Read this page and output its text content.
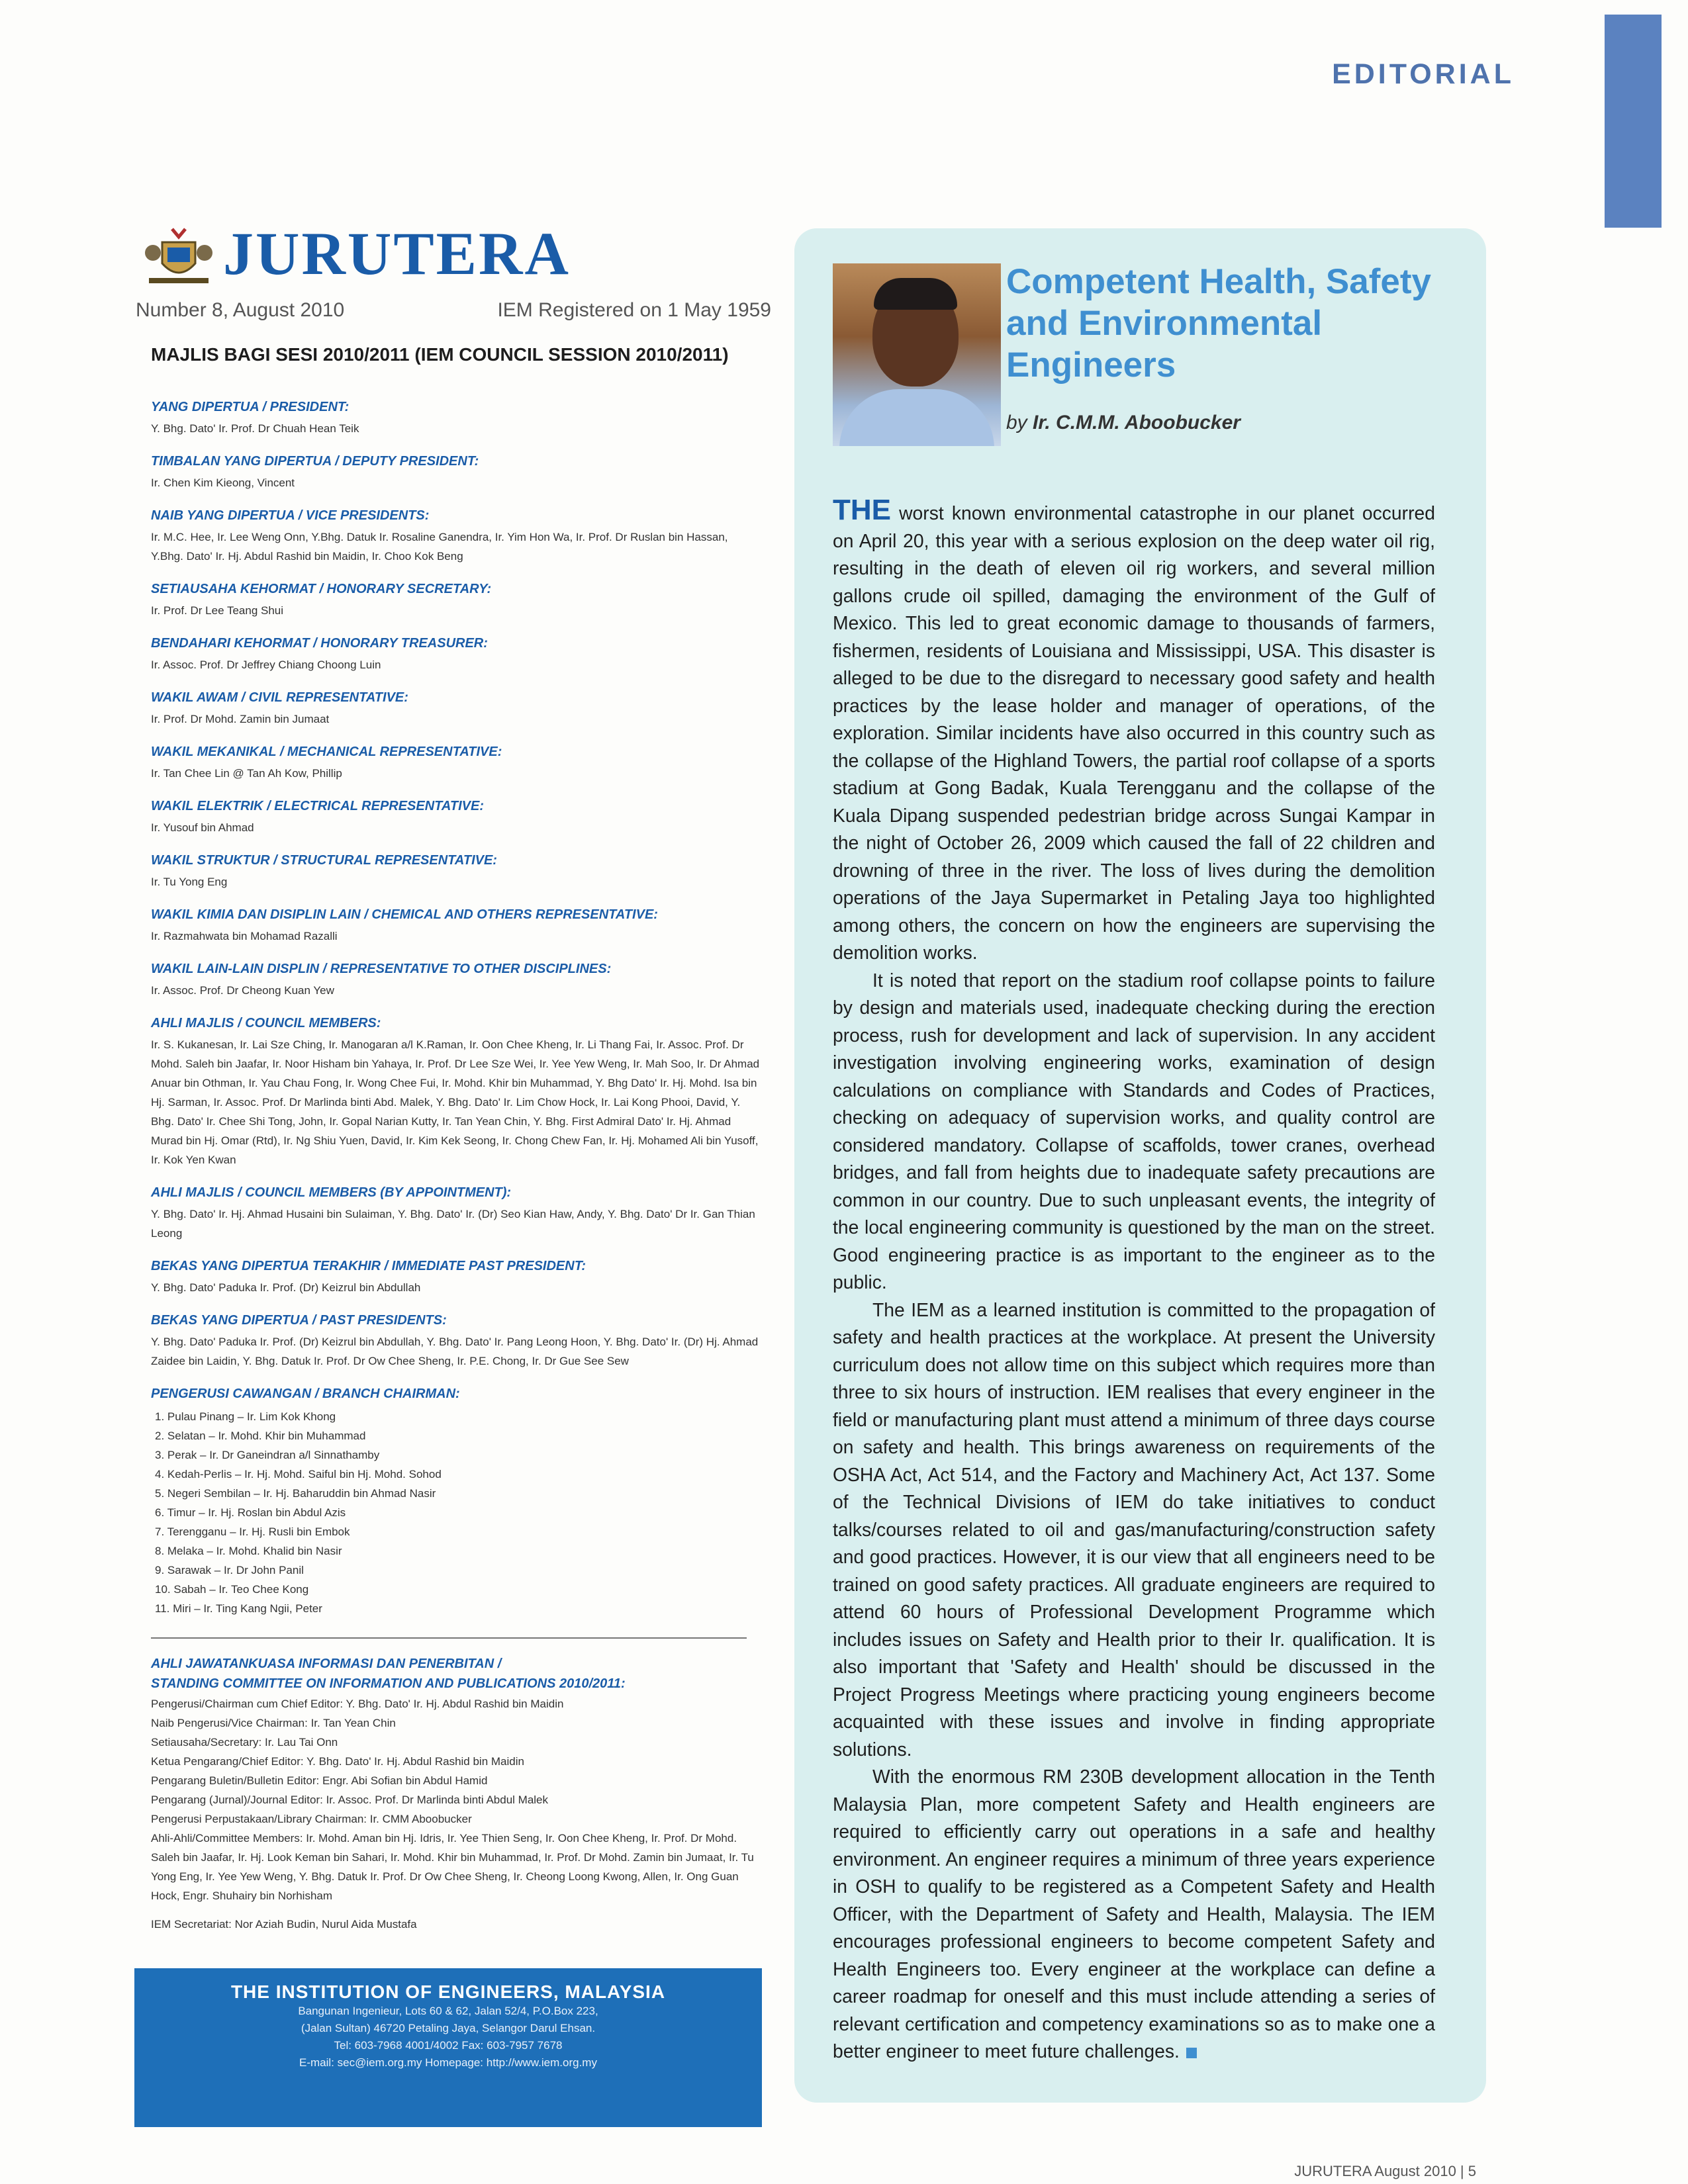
EDITORIAL
JURUTERA
Number 8, August 2010	IEM Registered on 1 May 1959
MAJLIS BAGI SESI 2010/2011 (IEM COUNCIL SESSION 2010/2011)
YANG DIPERTUA / PRESIDENT:
Y. Bhg. Dato' Ir. Prof. Dr Chuah Hean Teik
TIMBALAN YANG DIPERTUA / DEPUTY PRESIDENT:
Ir. Chen Kim Kieong, Vincent
NAIB YANG DIPERTUA / VICE PRESIDENTS:
Ir. M.C. Hee, Ir. Lee Weng Onn, Y.Bhg. Datuk Ir. Rosaline Ganendra, Ir. Yim Hon Wa, Ir. Prof. Dr Ruslan bin Hassan, Y.Bhg. Dato' Ir. Hj. Abdul Rashid bin Maidin, Ir. Choo Kok Beng
SETIAUSAHA KEHORMAT / HONORARY SECRETARY:
Ir. Prof. Dr Lee Teang Shui
BENDAHARI KEHORMAT / HONORARY TREASURER:
Ir. Assoc. Prof. Dr Jeffrey Chiang Choong Luin
WAKIL AWAM / CIVIL REPRESENTATIVE:
Ir. Prof. Dr Mohd. Zamin bin Jumaat
WAKIL MEKANIKAL / MECHANICAL REPRESENTATIVE:
Ir. Tan Chee Lin @ Tan Ah Kow, Phillip
WAKIL ELEKTRIK / ELECTRICAL REPRESENTATIVE:
Ir. Yusouf bin Ahmad
WAKIL STRUKTUR / STRUCTURAL REPRESENTATIVE:
Ir. Tu Yong Eng
WAKIL KIMIA DAN DISIPLIN LAIN / CHEMICAL AND OTHERS REPRESENTATIVE:
Ir. Razmahwata bin Mohamad Razalli
WAKIL LAIN-LAIN DISPLIN / REPRESENTATIVE TO OTHER DISCIPLINES:
Ir. Assoc. Prof. Dr Cheong Kuan Yew
AHLI MAJLIS / COUNCIL MEMBERS:
Ir. S. Kukanesan, Ir. Lai Sze Ching, Ir. Manogaran a/l K.Raman, Ir. Oon Chee Kheng, Ir. Li Thang Fai, Ir. Assoc. Prof. Dr Mohd. Saleh bin Jaafar, Ir. Noor Hisham bin Yahaya, Ir. Prof. Dr Lee Sze Wei, Ir. Yee Yew Weng, Ir. Mah Soo, Ir. Dr Ahmad Anuar bin Othman, Ir. Yau Chau Fong, Ir. Wong Chee Fui, Ir. Mohd. Khir bin Muhammad, Y. Bhg Dato' Ir. Hj. Mohd. Isa bin Hj. Sarman, Ir. Assoc. Prof. Dr Marlinda binti Abd. Malek, Y. Bhg. Dato' Ir. Lim Chow Hock, Ir. Lai Kong Phooi, David, Y. Bhg. Dato' Ir. Chee Shi Tong, John, Ir. Gopal Narian Kutty, Ir. Tan Yean Chin, Y. Bhg. First Admiral Dato' Ir. Hj. Ahmad Murad bin Hj. Omar (Rtd), Ir. Ng Shiu Yuen, David, Ir. Kim Kek Seong, Ir. Chong Chew Fan, Ir. Hj. Mohamed Ali bin Yusoff, Ir. Kok Yen Kwan
AHLI MAJLIS / COUNCIL MEMBERS (BY APPOINTMENT):
Y. Bhg. Dato' Ir. Hj. Ahmad Husaini bin Sulaiman, Y. Bhg. Dato' Ir. (Dr) Seo Kian Haw, Andy, Y. Bhg. Dato' Dr Ir. Gan Thian Leong
BEKAS YANG DIPERTUA TERAKHIR / IMMEDIATE PAST PRESIDENT:
Y. Bhg. Dato' Paduka Ir. Prof. (Dr) Keizrul bin Abdullah
BEKAS YANG DIPERTUA / PAST PRESIDENTS:
Y. Bhg. Dato' Paduka Ir. Prof. (Dr) Keizrul bin Abdullah, Y. Bhg. Dato' Ir. Pang Leong Hoon, Y. Bhg. Dato' Ir. (Dr) Hj. Ahmad Zaidee bin Laidin, Y. Bhg. Datuk Ir. Prof. Dr Ow Chee Sheng, Ir. P.E. Chong, Ir. Dr Gue See Sew
PENGERUSI CAWANGAN / BRANCH CHAIRMAN:
1. Pulau Pinang – Ir. Lim Kok Khong
2. Selatan – Ir. Mohd. Khir bin Muhammad
3. Perak – Ir. Dr Ganeindran a/l Sinnathamby
4. Kedah-Perlis – Ir. Hj. Mohd. Saiful bin Hj. Mohd. Sohod
5. Negeri Sembilan – Ir. Hj. Baharuddin bin Ahmad Nasir
6. Timur – Ir. Hj. Roslan bin Abdul Azis
7. Terengganu – Ir. Hj. Rusli bin Embok
8. Melaka – Ir. Mohd. Khalid bin Nasir
9. Sarawak – Ir. Dr John Panil
10. Sabah – Ir. Teo Chee Kong
11. Miri – Ir. Ting Kang Ngii, Peter
AHLI JAWATANKUASA INFORMASI DAN PENERBITAN /
STANDING COMMITTEE ON INFORMATION AND PUBLICATIONS 2010/2011:
Pengerusi/Chairman cum Chief Editor: Y. Bhg. Dato' Ir. Hj. Abdul Rashid bin Maidin
Naib Pengerusi/Vice Chairman: Ir. Tan Yean Chin
Setiausaha/Secretary: Ir. Lau Tai Onn
Ketua Pengarang/Chief Editor: Y. Bhg. Dato' Ir. Hj. Abdul Rashid bin Maidin
Pengarang Buletin/Bulletin Editor: Engr. Abi Sofian bin Abdul Hamid
Pengarang (Jurnal)/Journal Editor: Ir. Assoc. Prof. Dr Marlinda binti Abdul Malek
Pengerusi Perpustakaan/Library Chairman: Ir. CMM Aboobucker
Ahli-Ahli/Committee Members: Ir. Mohd. Aman bin Hj. Idris, Ir. Yee Thien Seng, Ir. Oon Chee Kheng, Ir. Prof. Dr Mohd. Saleh bin Jaafar, Ir. Hj. Look Keman bin Sahari, Ir. Mohd. Khir bin Muhammad, Ir. Prof. Dr Mohd. Zamin bin Jumaat, Ir. Tu Yong Eng, Ir. Yee Yew Weng, Y. Bhg. Datuk Ir. Prof. Dr Ow Chee Sheng, Ir. Cheong Loong Kwong, Allen, Ir. Ong Guan Hock, Engr. Shuhairy bin Norhisham
IEM Secretariat: Nor Aziah Budin, Nurul Aida Mustafa
THE INSTITUTION OF ENGINEERS, MALAYSIA
Bangunan Ingenieur, Lots 60 & 62, Jalan 52/4, P.O.Box 223,
(Jalan Sultan) 46720 Petaling Jaya, Selangor Darul Ehsan.
Tel: 603-7968 4001/4002 Fax: 603-7957 7678
E-mail: sec@iem.org.my Homepage: http://www.iem.org.my
Competent Health, Safety and Environmental Engineers
by Ir. C.M.M. Aboobucker

THE worst known environmental catastrophe in our planet occurred on April 20, this year with a serious explosion on the deep water oil rig, resulting in the death of eleven oil rig workers, and several million gallons crude oil spilled, damaging the environment of the Gulf of Mexico. This led to great economic damage to thousands of farmers, fishermen, residents of Louisiana and Mississippi, USA. This disaster is alleged to be due to the disregard to necessary good safety and health practices by the lease holder and manager of operations, of the exploration. Similar incidents have also occurred in this country such as the collapse of the Highland Towers, the partial roof collapse of a sports stadium at Gong Badak, Kuala Terengganu and the collapse of the Kuala Dipang suspended pedestrian bridge across Sungai Kampar in the night of October 26, 2009 which caused the fall of 22 children and drowning of three in the river. The loss of lives during the demolition operations of the Jaya Supermarket in Petaling Jaya too highlighted among others, the concern on how the engineers are supervising the demolition works.

It is noted that report on the stadium roof collapse points to failure by design and materials used, inadequate checking during the erection process, rush for development and lack of supervision. In any accident investigation involving engineering works, examination of design calculations on compliance with Standards and Codes of Practices, checking on adequacy of supervision works, and quality control are considered mandatory. Collapse of scaffolds, tower cranes, overhead bridges, and fall from heights due to inadequate safety precautions are common in our country. Due to such unpleasant events, the integrity of the local engineering community is questioned by the man on the street. Good engineering practice is as important to the engineer as to the public.

The IEM as a learned institution is committed to the propagation of safety and health practices at the workplace. At present the University curriculum does not allow time on this subject which requires more than three to six hours of instruction. IEM realises that every engineer in the field or manufacturing plant must attend a minimum of three days course on safety and health. This brings awareness on requirements of the OSHA Act, Act 514, and the Factory and Machinery Act, Act 137. Some of the Technical Divisions of IEM do take initiatives to conduct talks/courses related to oil and gas/manufacturing/construction safety and good practices. However, it is our view that all engineers need to be trained on good safety practices. All graduate engineers are required to attend 60 hours of Professional Development Programme which includes issues on Safety and Health prior to their Ir. qualification. It is also important that 'Safety and Health' should be discussed in the Project Progress Meetings where practicing young engineers become acquainted with these issues and involve in finding appropriate solutions.

With the enormous RM 230B development allocation in the Tenth Malaysia Plan, more competent Safety and Health engineers are required to efficiently carry out operations in a safe and healthy environment. An engineer requires a minimum of three years experience in OSH to qualify to be registered as a Competent Safety and Health Officer, with the Department of Safety and Health, Malaysia. The IEM encourages professional engineers to become competent Safety and Health Engineers too. Every engineer at the workplace can define a career roadmap for oneself and this must include attending a series of relevant certification and competency examinations so as to make one a better engineer to meet future challenges.

JURUTERA August 2010 | 5
